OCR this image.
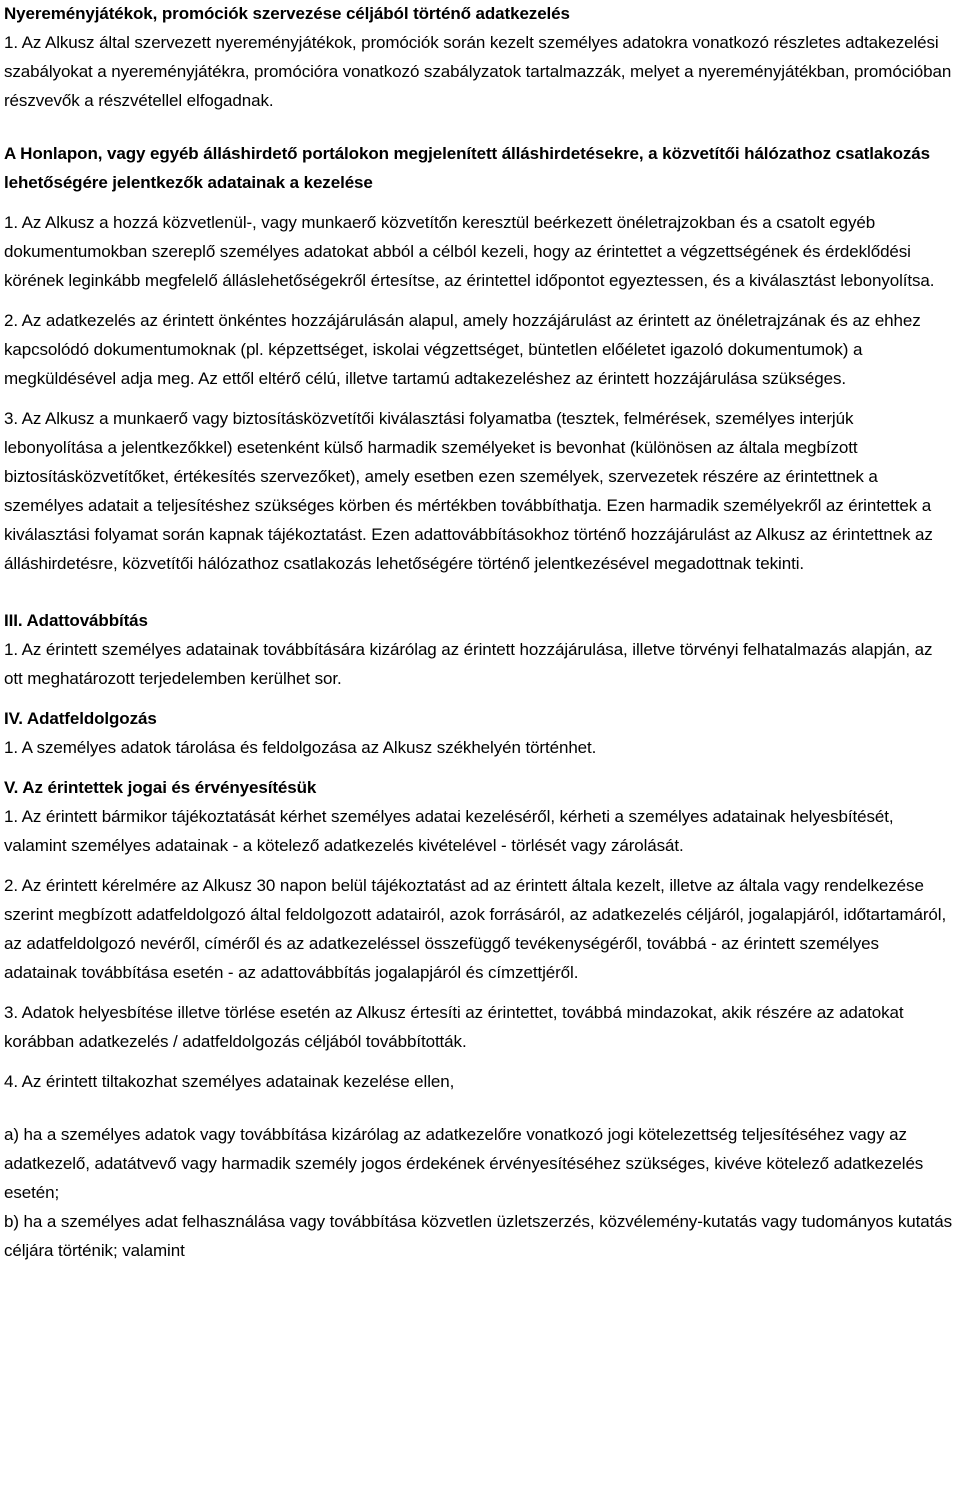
Nyereményjátékok, promóciók szervezése céljából történő adatkezelés

1. Az Alkusz által szervezett nyereményjátékok, promóciók során kezelt személyes adatokra vonatkozó részletes adtakezelési szabályokat a nyereményjátékra, promócióra vonatkozó szabályzatok tartalmazzák, melyet a nyereményjátékban, promócióban részvevők a részvétellel elfogadnak.

A Honlapon, vagy egyéb álláshirdető portálokon megjelenített álláshirdetésekre, a közvetítői hálózathoz csatlakozás lehetőségére jelentkezők adatainak a kezelése

1. Az Alkusz a hozzá közvetlenül-, vagy munkaerő közvetítőn keresztül beérkezett önéletrajzokban és a csatolt egyéb dokumentumokban szereplő személyes adatokat abból a célból kezeli, hogy az érintettet a végzettségének és érdeklődési körének leginkább megfelelő álláslehetőségekről értesítse, az érintettel időpontot egyeztessen, és a kiválasztást lebonyolítsa.

2. Az adatkezelés az érintett önkéntes hozzájárulásán alapul, amely hozzájárulást az érintett az önéletrajzának és az ehhez kapcsolódó dokumentumoknak (pl. képzettséget, iskolai végzettséget, büntetlen előéletet igazoló dokumentumok) a megküldésével adja meg. Az ettől eltérő célú, illetve tartamú adtakezeléshez az érintett hozzájárulása szükséges.

3. Az Alkusz a munkaerő vagy biztosításközvetítői kiválasztási folyamatba (tesztek, felmérések, személyes interjúk lebonyolítása a jelentkezőkkel) esetenként külső harmadik személyeket is bevonhat (különösen az általa megbízott biztosításközvetítőket, értékesítés szervezőket), amely esetben ezen személyek, szervezetek részére az érintettnek a személyes adatait a teljesítéshez szükséges körben és mértékben továbbíthatja. Ezen harmadik személyekről az érintettek a kiválasztási folyamat során kapnak tájékoztatást. Ezen adattovábbításokhoz történő hozzájárulást az Alkusz az érintettnek az álláshirdetésre, közvetítői hálózathoz csatlakozás lehetőségére történő jelentkezésével megadottnak tekinti.

III. Adattovábbítás

1. Az érintett személyes adatainak továbbítására kizárólag az érintett hozzájárulása, illetve törvényi felhatalmazás alapján, az ott meghatározott terjedelemben kerülhet sor.

IV. Adatfeldolgozás

1. A személyes adatok tárolása és feldolgozása az Alkusz székhelyén történhet.

V. Az érintettek jogai és érvényesítésük

1. Az érintett bármikor tájékoztatását kérhet személyes adatai kezeléséről, kérheti a személyes adatainak helyesbítését, valamint személyes adatainak - a kötelező adatkezelés kivételével - törlését vagy zárolását.

2. Az érintett kérelmére az Alkusz 30 napon belül tájékoztatást ad az érintett általa kezelt, illetve az általa vagy rendelkezése szerint megbízott adatfeldolgozó által feldolgozott adatairól, azok forrásáról, az adatkezelés céljáról, jogalapjáról, időtartamáról, az adatfeldolgozó nevéről, címéről és az adatkezeléssel összefüggő tevékenységéről, továbbá - az érintett személyes adatainak továbbítása esetén - az adattovábbítás jogalapjáról és címzettjéről.

3. Adatok helyesbítése illetve törlése esetén az Alkusz értesíti az érintettet, továbbá mindazokat, akik részére az adatokat korábban adatkezelés / adatfeldolgozás céljából továbbították.

4. Az érintett tiltakozhat személyes adatainak kezelése ellen,

a) ha a személyes adatok vagy továbbítása kizárólag az adatkezelőre vonatkozó jogi kötelezettség teljesítéséhez vagy az adatkezelő, adatátvevő vagy harmadik személy jogos érdekének érvényesítéséhez szükséges, kivéve kötelező adatkezelés esetén;

b) ha a személyes adat felhasználása vagy továbbítása közvetlen üzletszerzés, közvélemény-kutatás vagy tudományos kutatás céljára történik; valamint
